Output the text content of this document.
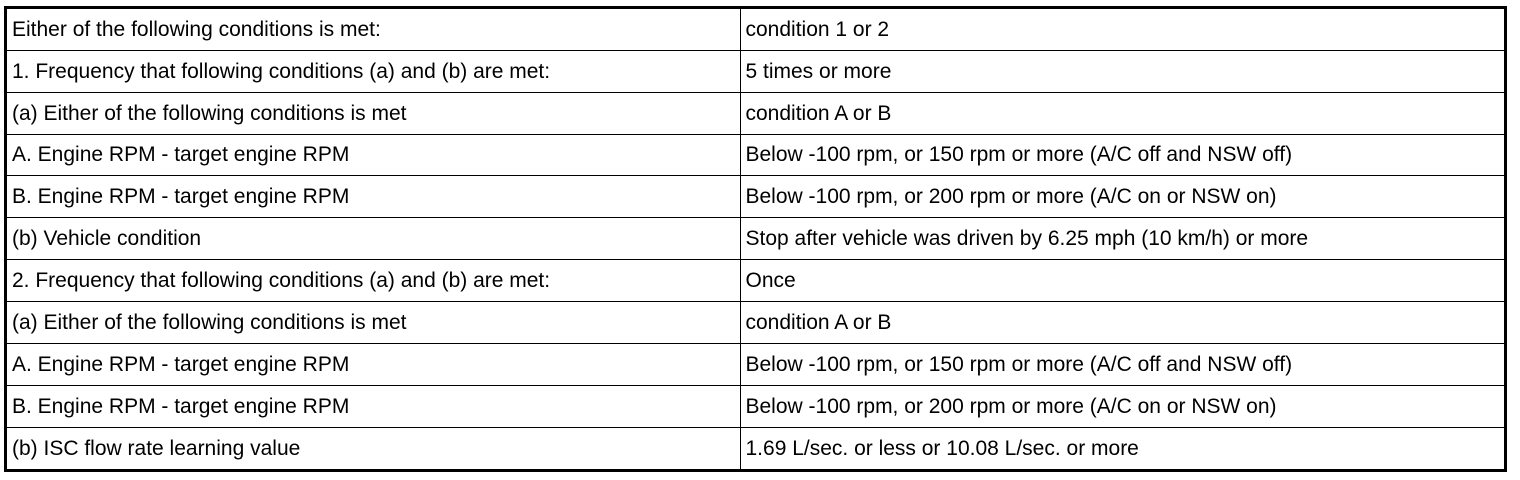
Either of the following conditions is met:	condition 1 or 2
1. Frequency that following conditions (a) and (b) are met:	5 times or more
(a) Either of the following conditions is met	condition A or B
A. Engine RPM - target engine RPM	Below -100 rpm, or 150 rpm or more (A/C off and NSW off)
B. Engine RPM - target engine RPM	Below -100 rpm, or 200 rpm or more (A/C on or NSW on)
(b) Vehicle condition	Stop after vehicle was driven by 6.25 mph (10 km/h) or more
2. Frequency that following conditions (a) and (b) are met:	Once
(a) Either of the following conditions is met	condition A or B
A. Engine RPM - target engine RPM	Below -100 rpm, or 150 rpm or more (A/C off and NSW off)
B. Engine RPM - target engine RPM	Below -100 rpm, or 200 rpm or more (A/C on or NSW on)
(b) ISC flow rate learning value	1.69 L/sec. or less or 10.08 L/sec. or more
